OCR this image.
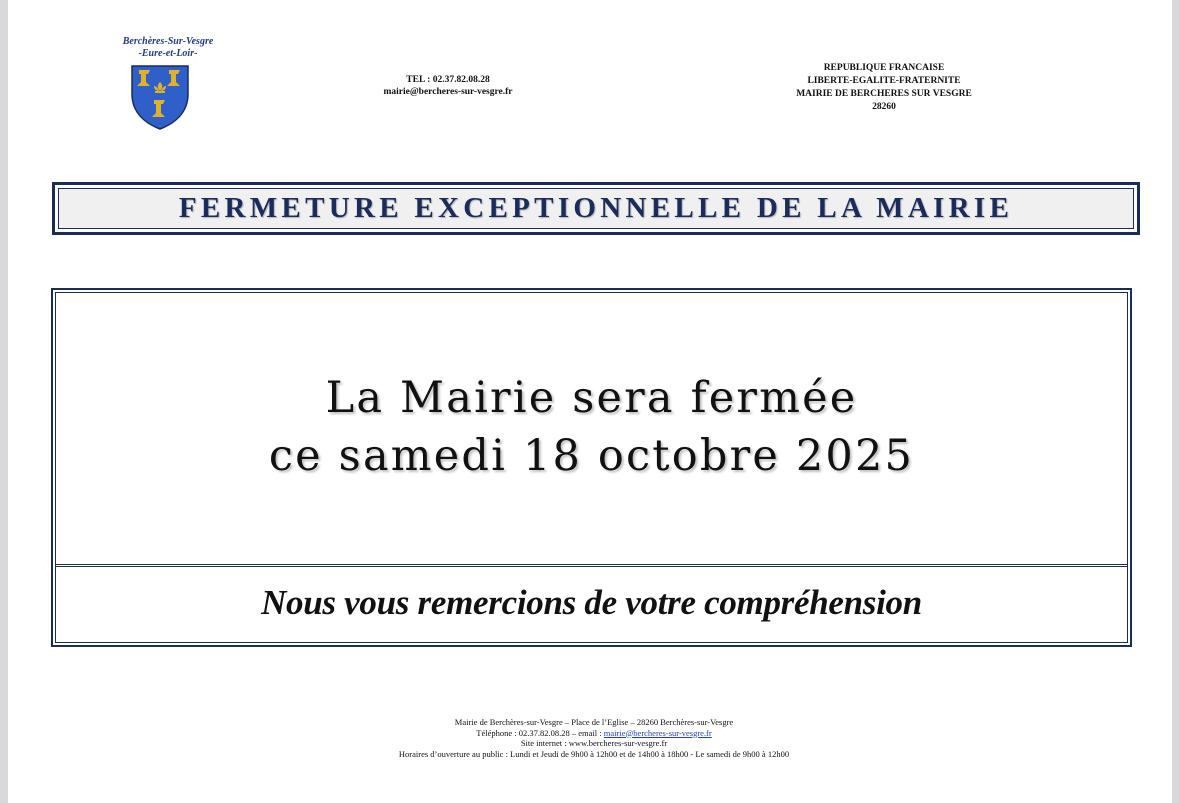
Berchères-Sur-Vesgre
-Eure-et-Loir-
TEL : 02.37.82.08.28
mairie@bercheres-sur-vesgre.fr
REPUBLIQUE FRANCAISE
LIBERTE-EGALITE-FRATERNITE
MAIRIE DE BERCHERES SUR VESGRE
28260
FERMETURE EXCEPTIONNELLE DE LA MAIRIE
La Mairie sera fermée
ce samedi 18 octobre 2025
Nous vous remercions de votre compréhension
Mairie de Berchères-sur-Vesgre – Place de l’Eglise – 28260 Berchères-sur-Vesgre
Téléphone : 02.37.82.08.28 – email : mairie@bercheres-sur-vesgre.fr
Site internet : www.bercheres-sur-vesgre.fr
Horaires d’ouverture au public : Lundi et Jeudi de 9h00 à 12h00 et de 14h00 à 18h00 - Le samedi de 9h00 à 12h00
